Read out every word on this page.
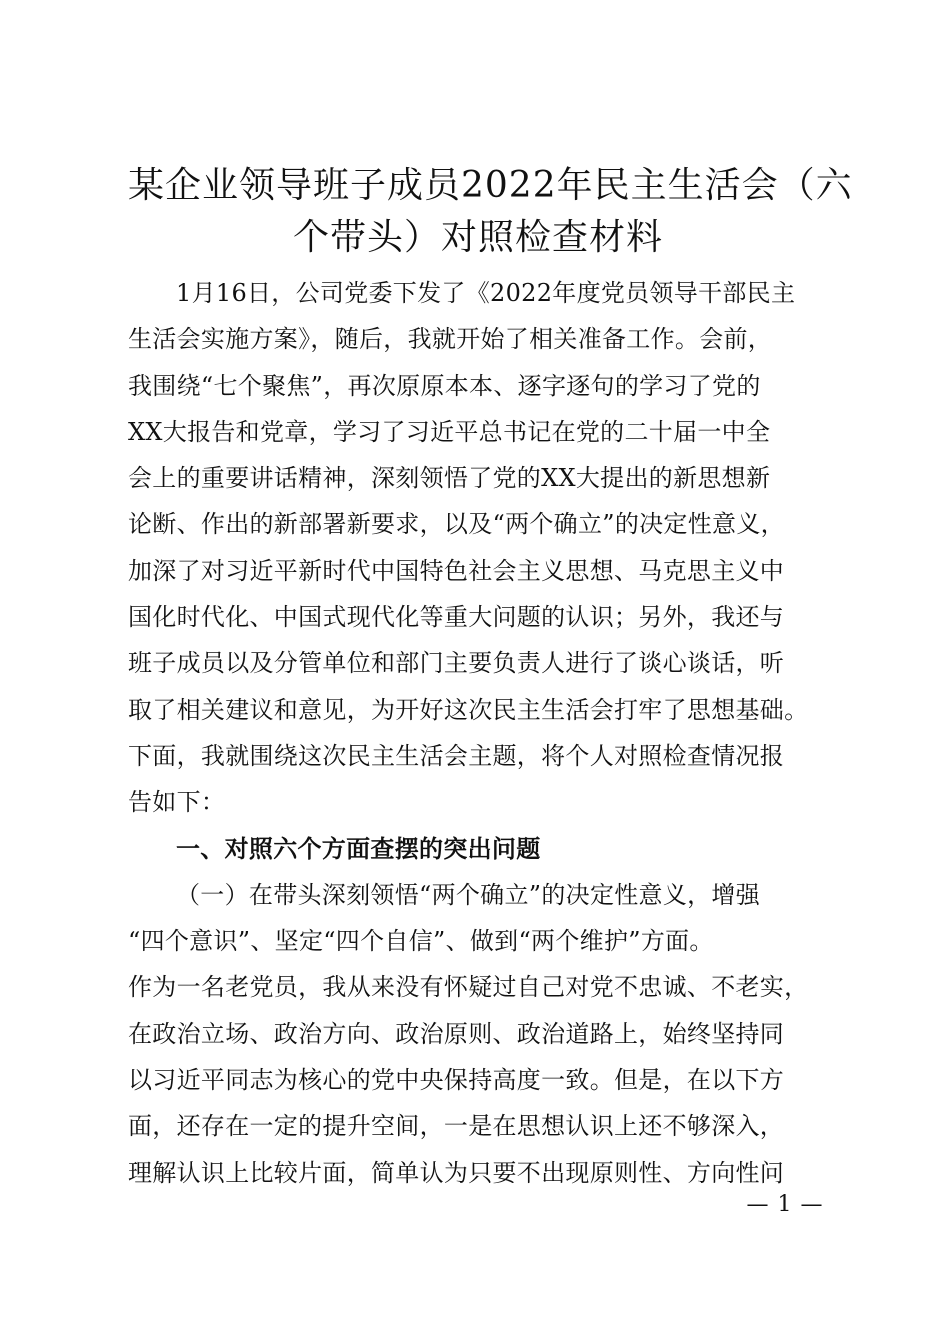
某企业领导班子成员2022年民主生活会（六
个带头）对照检查材料
1月16日，公司党委下发了《2022年度党员领导干部民主
生活会实施方案》，随后，我就开始了相关准备工作。会前，
我围绕“七个聚焦”，再次原原本本、逐字逐句的学习了党的
XX大报告和党章，学习了习近平总书记在党的二十届一中全
会上的重要讲话精神，深刻领悟了党的XX大提出的新思想新
论断、作出的新部署新要求，以及“两个确立”的决定性意义，
加深了对习近平新时代中国特色社会主义思想、马克思主义中
国化时代化、中国式现代化等重大问题的认识；另外，我还与
班子成员以及分管单位和部门主要负责人进行了谈心谈话，听
取了相关建议和意见，为开好这次民主生活会打牢了思想基础。
下面，我就围绕这次民主生活会主题，将个人对照检查情况报
告如下：
一、对照六个方面查摆的突出问题
（一）在带头深刻领悟“两个确立”的决定性意义，增强
“四个意识”、坚定“四个自信”、做到“两个维护”方面。
作为一名老党员，我从来没有怀疑过自己对党不忠诚、不老实，
在政治立场、政治方向、政治原则、政治道路上，始终坚持同
以习近平同志为核心的党中央保持高度一致。但是，在以下方
面，还存在一定的提升空间，一是在思想认识上还不够深入，
理解认识上比较片面，简单认为只要不出现原则性、方向性问
— 1 —
